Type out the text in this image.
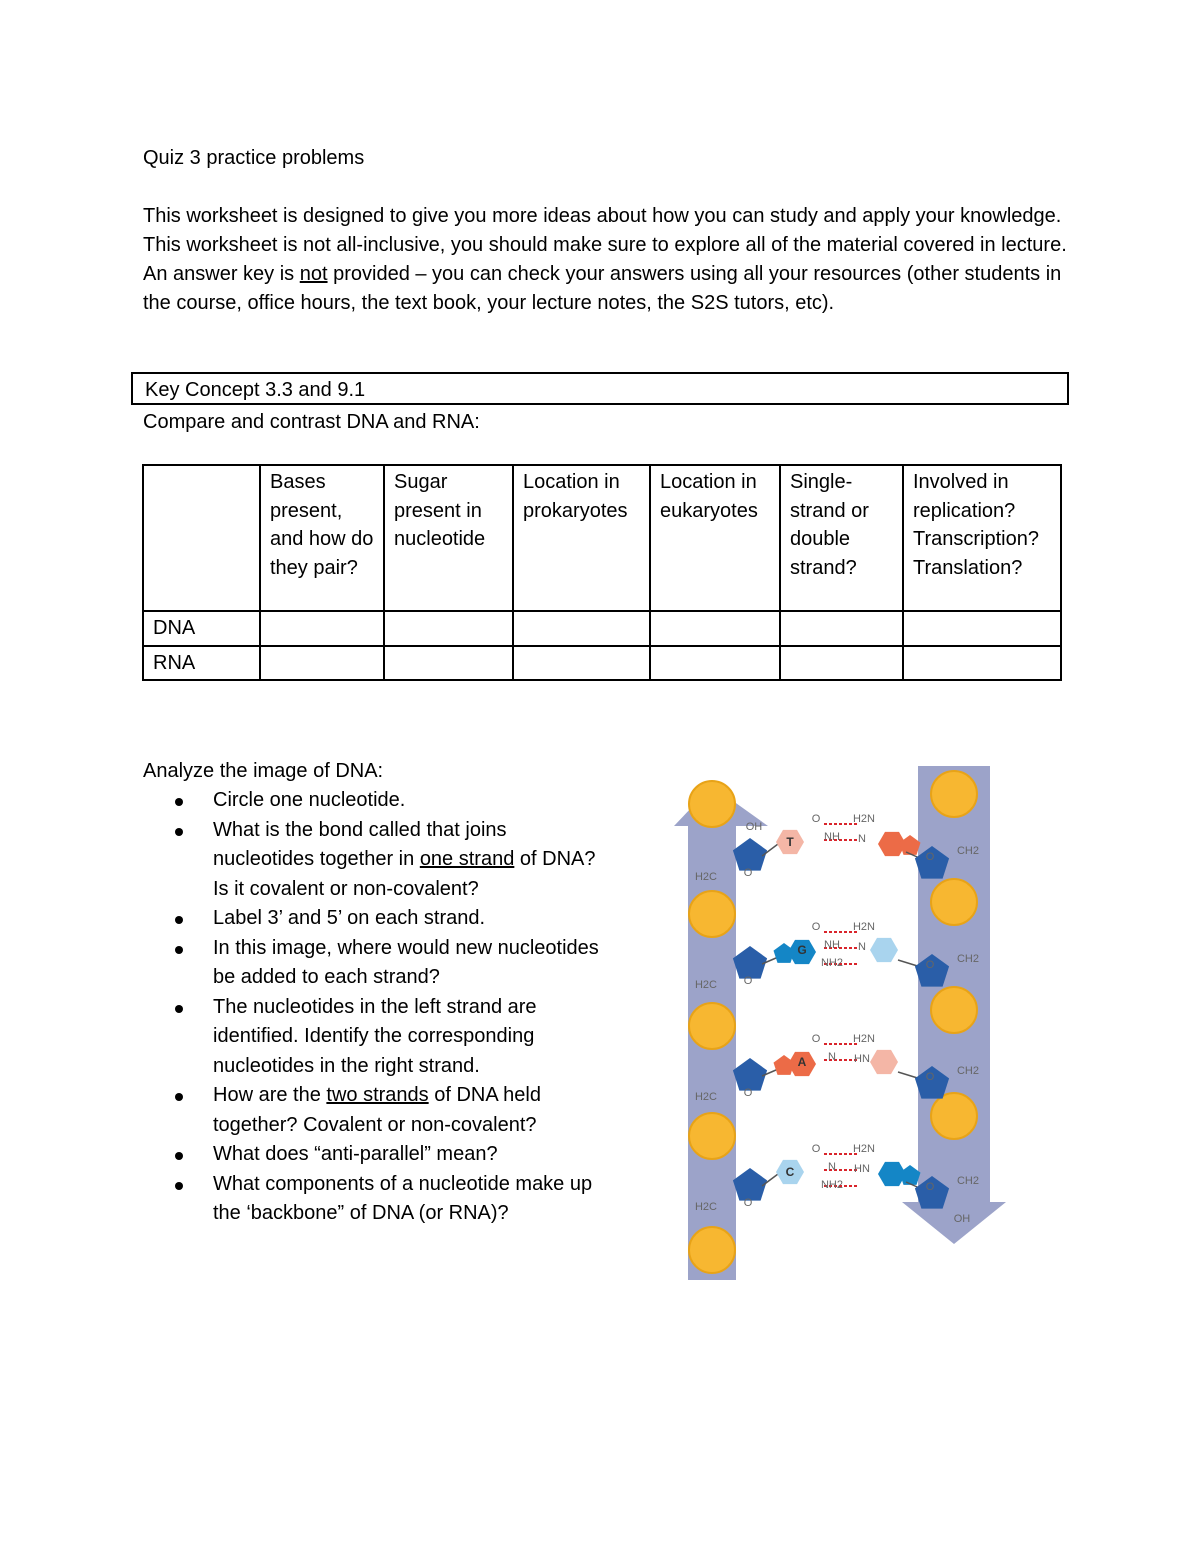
Quiz 3 practice problems
This worksheet is designed to give you more ideas about how you can study and apply your knowledge. This worksheet is not all-inclusive, you should make sure to explore all of the material covered in lecture. An answer key is not provided – you can check your answers using all your resources (other students in the course, office hours, the text book, your lecture notes, the S2S tutors, etc).
Key Concept 3.3 and 9.1
Compare and contrast DNA and RNA:
	Bases present, and how do they pair?	Sugar present in nucleotide	Location in prokaryotes	Location in eukaryotes	Single-strand or double strand?	Involved in replication? Transcription? Translation?
DNA						
RNA						
Analyze the image of DNA:
Circle one nucleotide.
What is the bond called that joins nucleotides together in one strand of DNA? Is it covalent or non-covalent?
Label 3’ and 5’ on each strand.
In this image, where would new nucleotides be added to each strand?
The nucleotides in the left strand are identified. Identify the corresponding nucleotides in the right strand.
How are the two strands of DNA held together? Covalent or non-covalent?
What does “anti-parallel” mean?
What components of a nucleotide make up the ‘backbone” of DNA (or RNA)?
OH
H2C O
T
O
NH
H2N
N
CH2
O
H2C O
G
O
NH
H2N
N
NH2	CH2
O
H2C O
A
O
N
H2N
HN
CH2
O
H2C O
C
O
N
H2N
HN
NH2	CH2
O
OH
